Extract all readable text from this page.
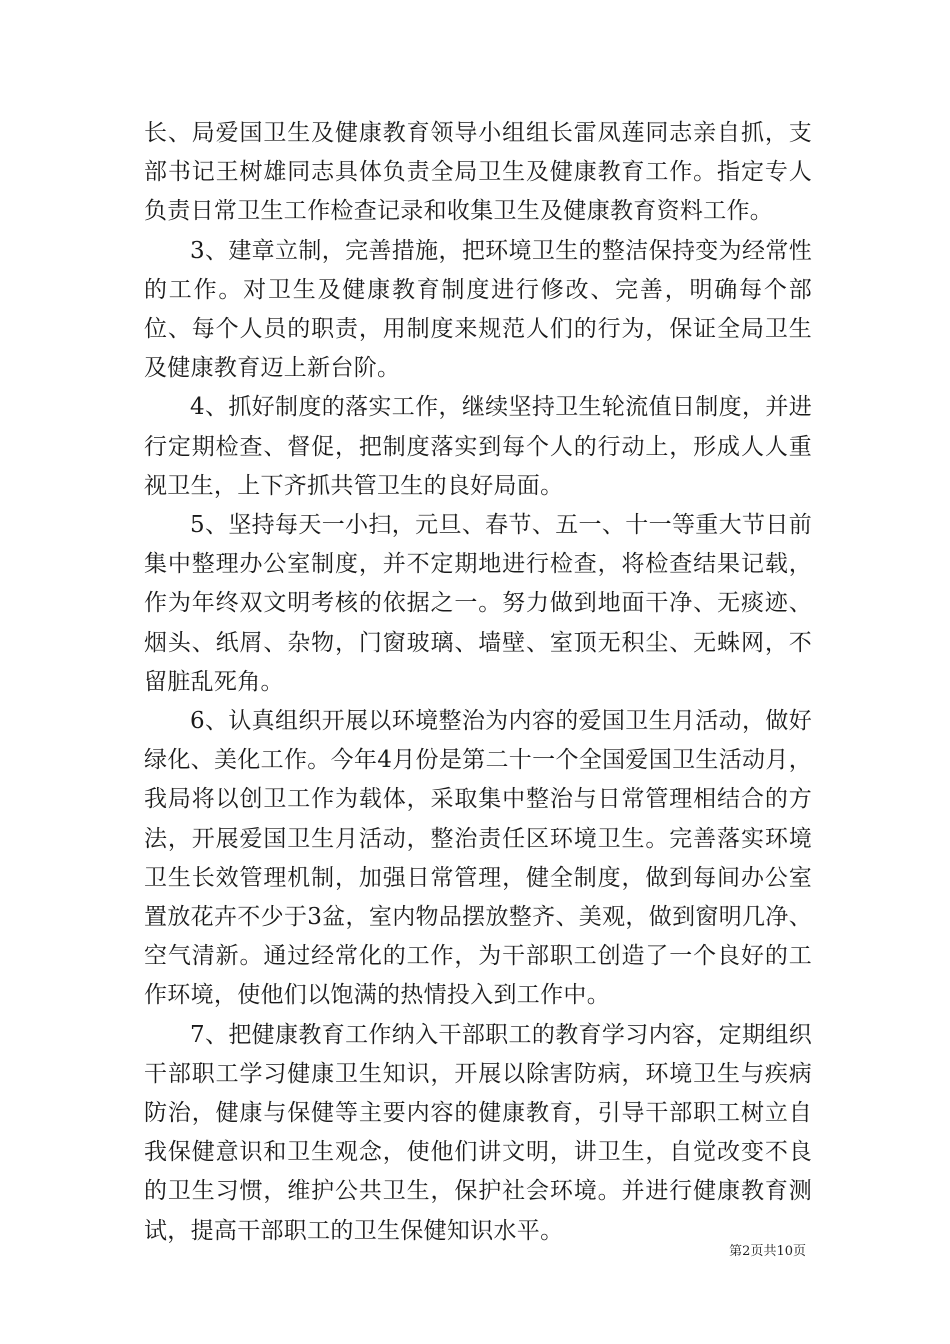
长、局爱国卫生及健康教育领导小组组长雷凤莲同志亲自抓，支部书记王树雄同志具体负责全局卫生及健康教育工作。指定专人负责日常卫生工作检查记录和收集卫生及健康教育资料工作。

3、建章立制，完善措施，把环境卫生的整洁保持变为经常性的工作。对卫生及健康教育制度进行修改、完善，明确每个部位、每个人员的职责，用制度来规范人们的行为，保证全局卫生及健康教育迈上新台阶。

4、抓好制度的落实工作，继续坚持卫生轮流值日制度，并进行定期检查、督促，把制度落实到每个人的行动上，形成人人重视卫生，上下齐抓共管卫生的良好局面。

5、坚持每天一小扫，元旦、春节、五一、十一等重大节日前集中整理办公室制度，并不定期地进行检查，将检查结果记载，作为年终双文明考核的依据之一。努力做到地面干净、无痰迹、烟头、纸屑、杂物，门窗玻璃、墙壁、室顶无积尘、无蛛网，不留脏乱死角。

6、认真组织开展以环境整治为内容的爱国卫生月活动，做好绿化、美化工作。今年4月份是第二十一个全国爱国卫生活动月，我局将以创卫工作为载体，采取集中整治与日常管理相结合的方法，开展爱国卫生月活动，整治责任区环境卫生。完善落实环境卫生长效管理机制，加强日常管理，健全制度，做到每间办公室置放花卉不少于3盆，室内物品摆放整齐、美观，做到窗明几净、空气清新。通过经常化的工作，为干部职工创造了一个良好的工作环境，使他们以饱满的热情投入到工作中。

7、把健康教育工作纳入干部职工的教育学习内容，定期组织干部职工学习健康卫生知识，开展以除害防病，环境卫生与疾病防治，健康与保健等主要内容的健康教育，引导干部职工树立自我保健意识和卫生观念，使他们讲文明，讲卫生，自觉改变不良的卫生习惯，维护公共卫生，保护社会环境。并进行健康教育测试，提高干部职工的卫生保健知识水平。

第2页共10页
